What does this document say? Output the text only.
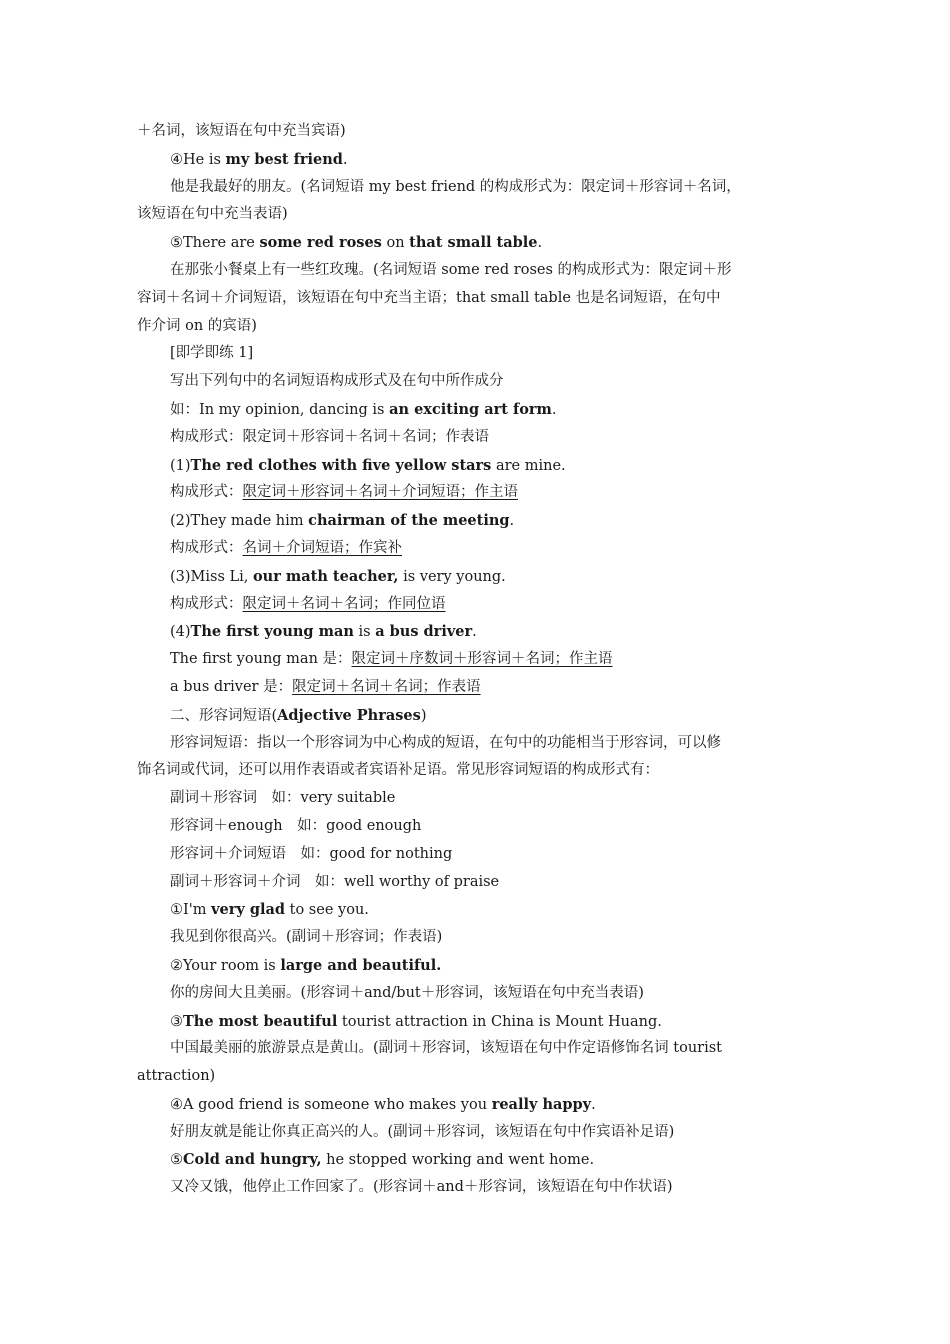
＋名词，该短语在句中充当宾语)
④He is my best friend.
他是我最好的朋友。(名词短语 my best friend 的构成形式为：限定词＋形容词＋名词，
该短语在句中充当表语)
⑤There are some red roses on that small table.
在那张小餐桌上有一些红玫瑰。(名词短语 some red roses 的构成形式为：限定词＋形
容词＋名词＋介词短语，该短语在句中充当主语；that small table 也是名词短语，在句中
作介词 on 的宾语)
[即学即练 1]
写出下列句中的名词短语构成形式及在句中所作成分
如：In my opinion, dancing is an exciting art form.
构成形式：限定词＋形容词＋名词＋名词；作表语
(1)The red clothes with five yellow stars are mine.
构成形式：限定词＋形容词＋名词＋介词短语；作主语
(2)They made him chairman of the meeting.
构成形式：名词＋介词短语；作宾补
(3)Miss Li, our math teacher, is very young.
构成形式：限定词＋名词＋名词；作同位语
(4)The first young man is a bus driver.
The first young man 是：限定词＋序数词＋形容词＋名词；作主语
a bus driver 是：限定词＋名词＋名词；作表语
二、形容词短语(Adjective Phrases)
形容词短语：指以一个形容词为中心构成的短语，在句中的功能相当于形容词，可以修
饰名词或代词，还可以用作表语或者宾语补足语。常见形容词短语的构成形式有：
副词＋形容词　如：very suitable
形容词＋enough　如：good enough
形容词＋介词短语　如：good for nothing
副词＋形容词＋介词　如：well worthy of praise
①I'm very glad to see you.
我见到你很高兴。(副词＋形容词；作表语)
②Your room is large and beautiful.
你的房间大且美丽。(形容词＋and/but＋形容词，该短语在句中充当表语)
③The most beautiful tourist attraction in China is Mount Huang.
中国最美丽的旅游景点是黄山。(副词＋形容词，该短语在句中作定语修饰名词 tourist
attraction)
④A good friend is someone who makes you really happy.
好朋友就是能让你真正高兴的人。(副词＋形容词，该短语在句中作宾语补足语)
⑤Cold and hungry, he stopped working and went home.
又冷又饿，他停止工作回家了。(形容词＋and＋形容词，该短语在句中作状语)
